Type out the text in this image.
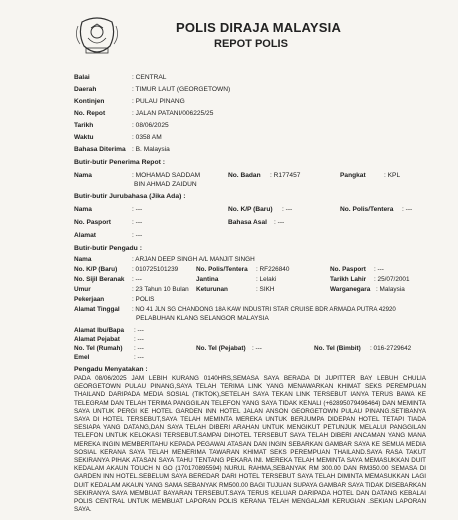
POLIS DIRAJA MALAYSIA
REPOT POLIS
Balai	: CENTRAL
Daerah	: TIMUR LAUT (GEORGETOWN)
Kontinjen	: PULAU PINANG
No. Repot	: JALAN PATANI/006225/25
Tarikh	: 08/06/2025
Waktu	: 0358 AM
Bahasa Diterima : B. Malaysia
Butir-butir Penerima Repot :
Nama	: MOHAMAD SADDAM
BIN AHMAD ZAIDUN
No. Badan : R177457	Pangkat	: KPL
Butir-butir Jurubahasa (Jika Ada) :
Nama	: ---	No. K/P (Baru) : ---	No. Polis/Tentera : ---
No. Pasport	: ---	Bahasa Asal : ---
Alamat	: ---
Butir-butir Pengadu :
Nama	: ARJAN DEEP SINGH A/L MANJIT SINGH
No. K/P (Baru) : 010725101239	No. Polis/Tentera : RF226840	No. Pasport : ---
No. Sijil Beranak : ---	Jantina	: Lelaki	Tarikh Lahir : 25/07/2001
Umur	: 23 Tahun 10 Bulan Keturunan	: SIKH	Warganegara : Malaysia
Pekerjaan	: POLIS
Alamat Tinggal : NO 41 JLN SG CHANDONG 18A KAW INDUSTRI STAR CRUISE BDR ARMADA PUTRA 42920
PELABUHAN KLANG SELANGOR MALAYSIA
Alamat Ibu/Bapa : ---
Alamat Pejabat : ---
No. Tel (Rumah) : ---	No. Tel (Pejabat) : ---	No. Tel (Bimbit) : 016-2729642
Emel	: ---
Pengadu Menyatakan :
PADA 08/06/2025 JAM LEBIH KURANG 0140HRS,SEMASA SAYA BERADA DI JUPITTER BAY LEBUH CHULIA GEORGETOWN PULAU PINANG,SAYA TELAH TERIMA LINK YANG MENAWARKAN KHIMAT SEKS PEREMPUAN THAILAND DARIPADA MEDIA SOSIAL (TIKTOK),SETELAH SAYA TEKAN LINK TERSEBUT IANYA TERUS BAWA KE TELEGRAM DAN TELAH TERIMA PANGGILAN TELEFON YANG SAYA TIDAK KENALI (+62895079496464) DAN MEMINTA SAYA UNTUK PERGI KE HOTEL GARDEN INN HOTEL JALAN ANSON GEORGETOWN PULAU PINANG.SETIBANYA SAYA DI HOTEL TERSEBUT,SAYA TELAH MEMINTA MEREKA UNTUK BERJUMPA DIDEPAN HOTEL TETAPI TIADA SESIAPA YANG DATANG,DAN SAYA TELAH DIBERI ARAHAN UNTUK MENGIKUT PETUNJUK MELALUI PANGGILAN TELEFON UNTUK KELOKASI TERSEBUT.SAMPAI DIHOTEL TERSEBUT SAYA TELAH DIBERI ANCAMAN YANG MANA MEREKA INGIN MEMBERITAHU KEPADA PEGAWAI ATASAN DAN INGIN SEBARKAN GAMBAR SAYA KE SEMUA MEDIA SOSIAL KERANA SAYA TELAH MENERIMA TAWARAN KHIMAT SEKS PEREMPUAN THAILAND.SAYA RASA TAKUT SEKIRANYA PIHAK ATASAN SAYA TAHU TENTANG PEKARA INI. MEREKA TELAH MEMINTA SAYA MEMASUKKAN DUIT KEDALAM AKAUN TOUCH N GO (170170895594) NURUL RAHMA,SEBANYAK RM 300.00 DAN RM350.00 SEMASA DI GARDEN INN HOTEL.SEBELUM SAYA BEREDAR DARI HOTEL TERSEBUT SAYA TELAH DIMINTA MEMASUKKAN LAGI DUIT KEDALAM AKAUN YANG SAMA SEBANYAK RM500.00 BAGI TUJUAN SUPAYA GAMBAR SAYA TIDAK DISEBARKAN SEKIRANYA SAYA MEMBUAT BAYARAN TERSEBUT.SAYA TERUS KELUAR DARIPADA HOTEL DAN DATANG KEBALAI POLIS CENTRAL UNTUK MEMBUAT LAPORAN POLIS KERANA TELAH MENGALAMI KERUGIAN .SEKIAN LAPORAN SAYA.
